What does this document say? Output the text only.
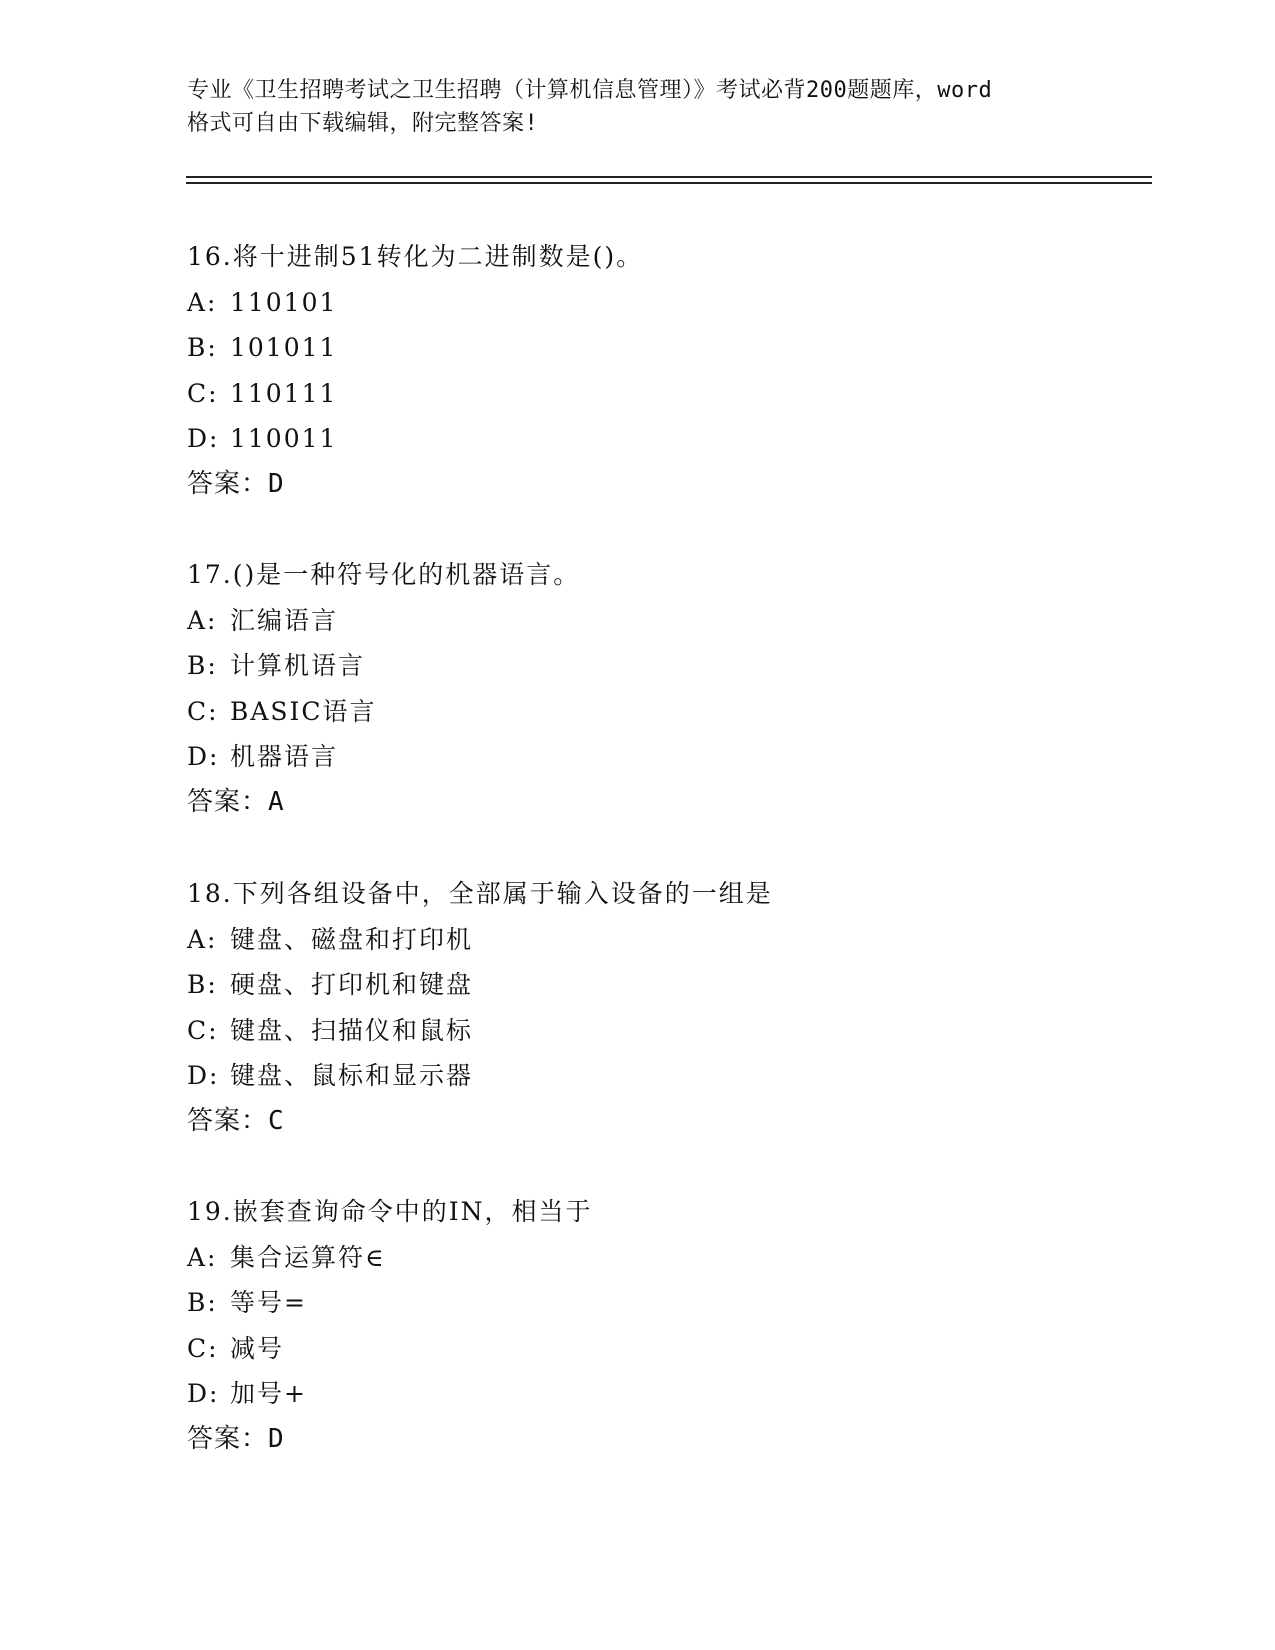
专业《卫生招聘考试之卫生招聘（计算机信息管理）》考试必背200题题库，word
格式可自由下载编辑，附完整答案!
16.将十进制51转化为二进制数是()。
A: 110101
B: 101011
C: 110111
D: 110011
答案：D
17.()是一种符号化的机器语言。
A: 汇编语言
B: 计算机语言
C: BASIC语言
D: 机器语言
答案：A
18.下列各组设备中，全部属于输入设备的一组是
A: 键盘、磁盘和打印机
B: 硬盘、打印机和键盘
C: 键盘、扫描仪和鼠标
D: 键盘、鼠标和显示器
答案：C
19.嵌套查询命令中的IN，相当于
A: 集合运算符∈
B: 等号=
C: 减号
D: 加号+
答案：D
